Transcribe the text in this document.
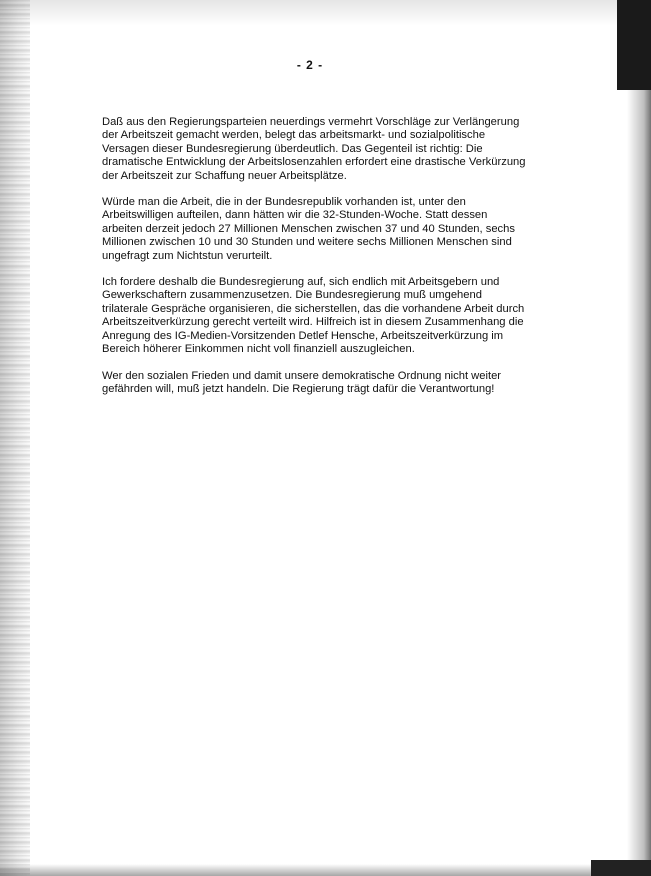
- 2 -

Daß aus den Regierungsparteien neuerdings vermehrt Vorschläge zur Verlängerung der Arbeitszeit gemacht werden, belegt das arbeitsmarkt- und sozialpolitische Versagen dieser Bundesregierung überdeutlich. Das Gegenteil ist richtig: Die dramatische Entwicklung der Arbeitslosenzahlen erfordert eine drastische Verkürzung der Arbeitszeit zur Schaffung neuer Arbeitsplätze.

Würde man die Arbeit, die in der Bundesrepublik vorhanden ist, unter den Arbeitswilligen aufteilen, dann hätten wir die 32-Stunden-Woche. Statt dessen arbeiten derzeit jedoch 27 Millionen Menschen zwischen 37 und 40 Stunden, sechs Millionen zwischen 10 und 30 Stunden und weitere sechs Millionen Menschen sind ungefragt zum Nichtstun verurteilt.

Ich fordere deshalb die Bundesregierung auf, sich endlich mit Arbeitsgebern und Gewerkschaftern zusammenzusetzen. Die Bundesregierung muß umgehend trilaterale Gespräche organisieren, die sicherstellen, das die vorhandene Arbeit durch Arbeitszeitverkürzung gerecht verteilt wird. Hilfreich ist in diesem Zusammenhang die Anregung des IG-Medien-Vorsitzenden Detlef Hensche, Arbeitszeitverkürzung im Bereich höherer Einkommen nicht voll finanziell auszugleichen.

Wer den sozialen Frieden und damit unsere demokratische Ordnung nicht weiter gefährden will, muß jetzt handeln. Die Regierung trägt dafür die Verantwortung!
